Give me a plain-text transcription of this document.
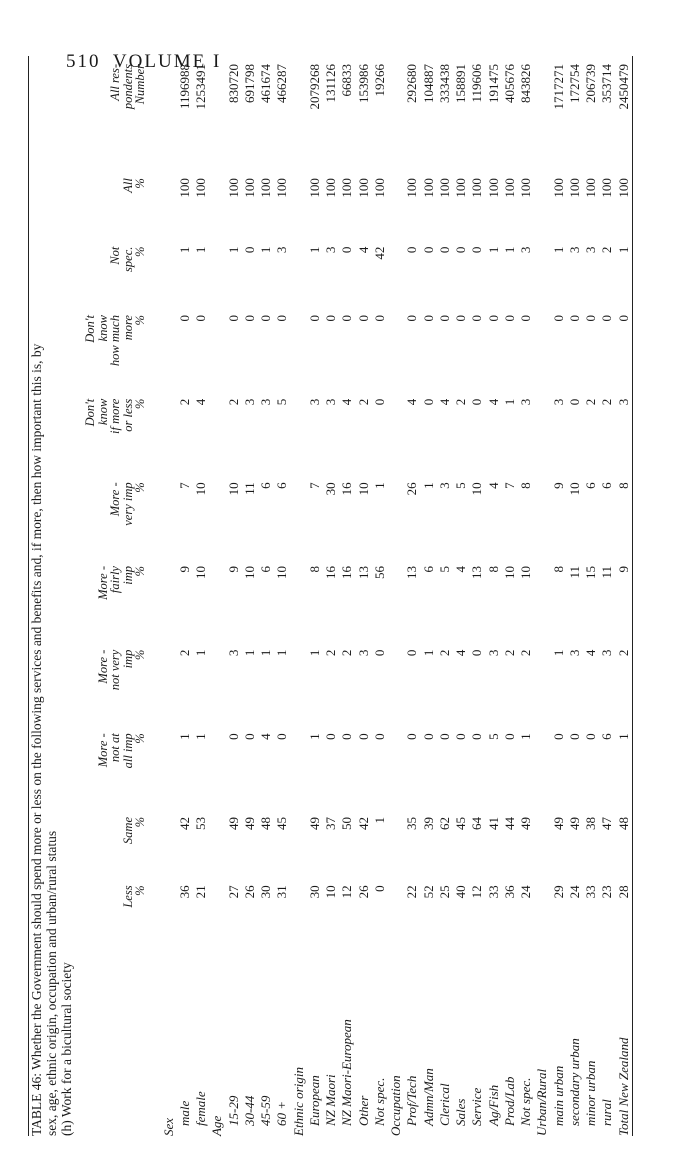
510 VOLUME I
TABLE 46: Whether the Government should spend more or less on the following services and benefits and, if more, then how important this is, by sex, age, ethnic origin, occupation and urban/rural status (h) Work for a bicultural society

	Less
%	Same
%	More -
not at
all imp
%	More -
not very
imp
%	More -
fairly
imp
%	More -
very imp
%	Don't
know
if more
or less
%	Don't
know
how much
more
%	Not
spec.
%	All
%	All res-
pondents
Number

Sex											
male	36	42	1	2	9	7	2	0	1	100	1196988
female	21	53	1	1	10	10	4	0	1	100	1253491
Age											
15-29	27	49	0	3	9	10	2	0	1	100	830720
30-44	26	49	0	1	10	11	3	0	0	100	691798
45-59	30	48	4	1	6	6	3	0	1	100	461674
60 +	31	45	0	1	10	6	5	0	3	100	466287
Ethnic origin											
European	30	49	1	1	8	7	3	0	1	100	2079268
NZ Maori	10	37	0	2	16	30	3	0	3	100	131126
NZ Maori-European	12	50	0	2	16	16	4	0	0	100	66833
Other	26	42	0	3	13	10	2	0	4	100	153986
Not spec.	0	1	0	0	56	1	0	0	42	100	19266
Occupation											
Prof/Tech	22	35	0	0	13	26	4	0	0	100	292680
Admn/Man	52	39	0	1	6	1	0	0	0	100	104887
Clerical	25	62	0	2	5	3	4	0	0	100	333438
Sales	40	45	0	4	4	5	2	0	0	100	158891
Service	12	64	0	0	13	10	0	0	0	100	119606
Ag/Fish	33	41	5	3	8	4	4	0	1	100	191475
Prod/Lab	36	44	0	2	10	7	1	0	1	100	405676
Not spec.	24	49	1	2	10	8	3	0	3	100	843826
Urban/Rural											
main urban	29	49	0	1	8	9	3	0	1	100	1717271
secondary urban	24	49	0	3	11	10	0	0	3	100	172754
minor urban	33	38	0	4	15	6	2	0	3	100	206739
rural	23	47	6	3	11	6	2	0	2	100	353714
Total New Zealand	28	48	1	2	9	8	3	0	1	100	2450479
